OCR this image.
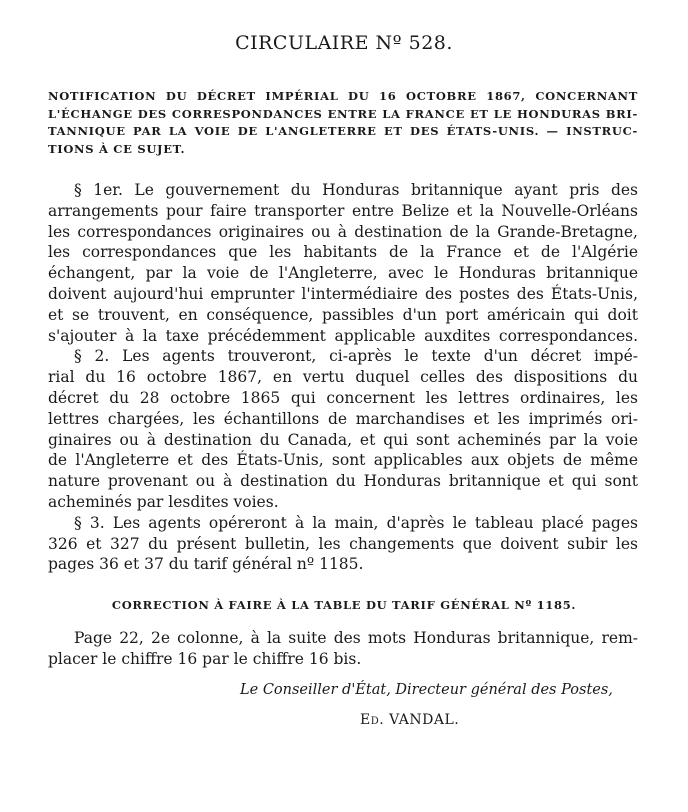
CIRCULAIRE Nº 528.
NOTIFICATION DU DÉCRET IMPÉRIAL DU 16 OCTOBRE 1867, CONCERNANT
L'ÉCHANGE DES CORRESPONDANCES ENTRE LA FRANCE ET LE HONDURAS BRI-
TANNIQUE PAR LA VOIE DE L'ANGLETERRE ET DES ÉTATS-UNIS. — INSTRUC-
TIONS À CE SUJET.
§ 1er. Le gouvernement du Honduras britannique ayant pris des
arrangements pour faire transporter entre Belize et la Nouvelle-Orléans
les correspondances originaires ou à destination de la Grande-Bretagne,
les correspondances que les habitants de la France et de l'Algérie
échangent, par la voie de l'Angleterre, avec le Honduras britannique
doivent aujourd'hui emprunter l'intermédiaire des postes des États-Unis,
et se trouvent, en conséquence, passibles d'un port américain qui doit
s'ajouter à la taxe précédemment applicable auxdites correspondances.
§ 2. Les agents trouveront, ci-après le texte d'un décret impé-
rial du 16 octobre 1867, en vertu duquel celles des dispositions du
décret du 28 octobre 1865 qui concernent les lettres ordinaires, les
lettres chargées, les échantillons de marchandises et les imprimés ori-
ginaires ou à destination du Canada, et qui sont acheminés par la voie
de l'Angleterre et des États-Unis, sont applicables aux objets de même
nature provenant ou à destination du Honduras britannique et qui sont
acheminés par lesdites voies.
§ 3. Les agents opéreront à la main, d'après le tableau placé pages
326 et 327 du présent bulletin, les changements que doivent subir les
pages 36 et 37 du tarif général nº 1185.
CORRECTION À FAIRE À LA TABLE DU TARIF GÉNÉRAL Nº 1185.
Page 22, 2e colonne, à la suite des mots Honduras britannique, rem-
placer le chiffre 16 par le chiffre 16 bis.
Le Conseiller d'État, Directeur général des Postes,
Ed. VANDAL.
